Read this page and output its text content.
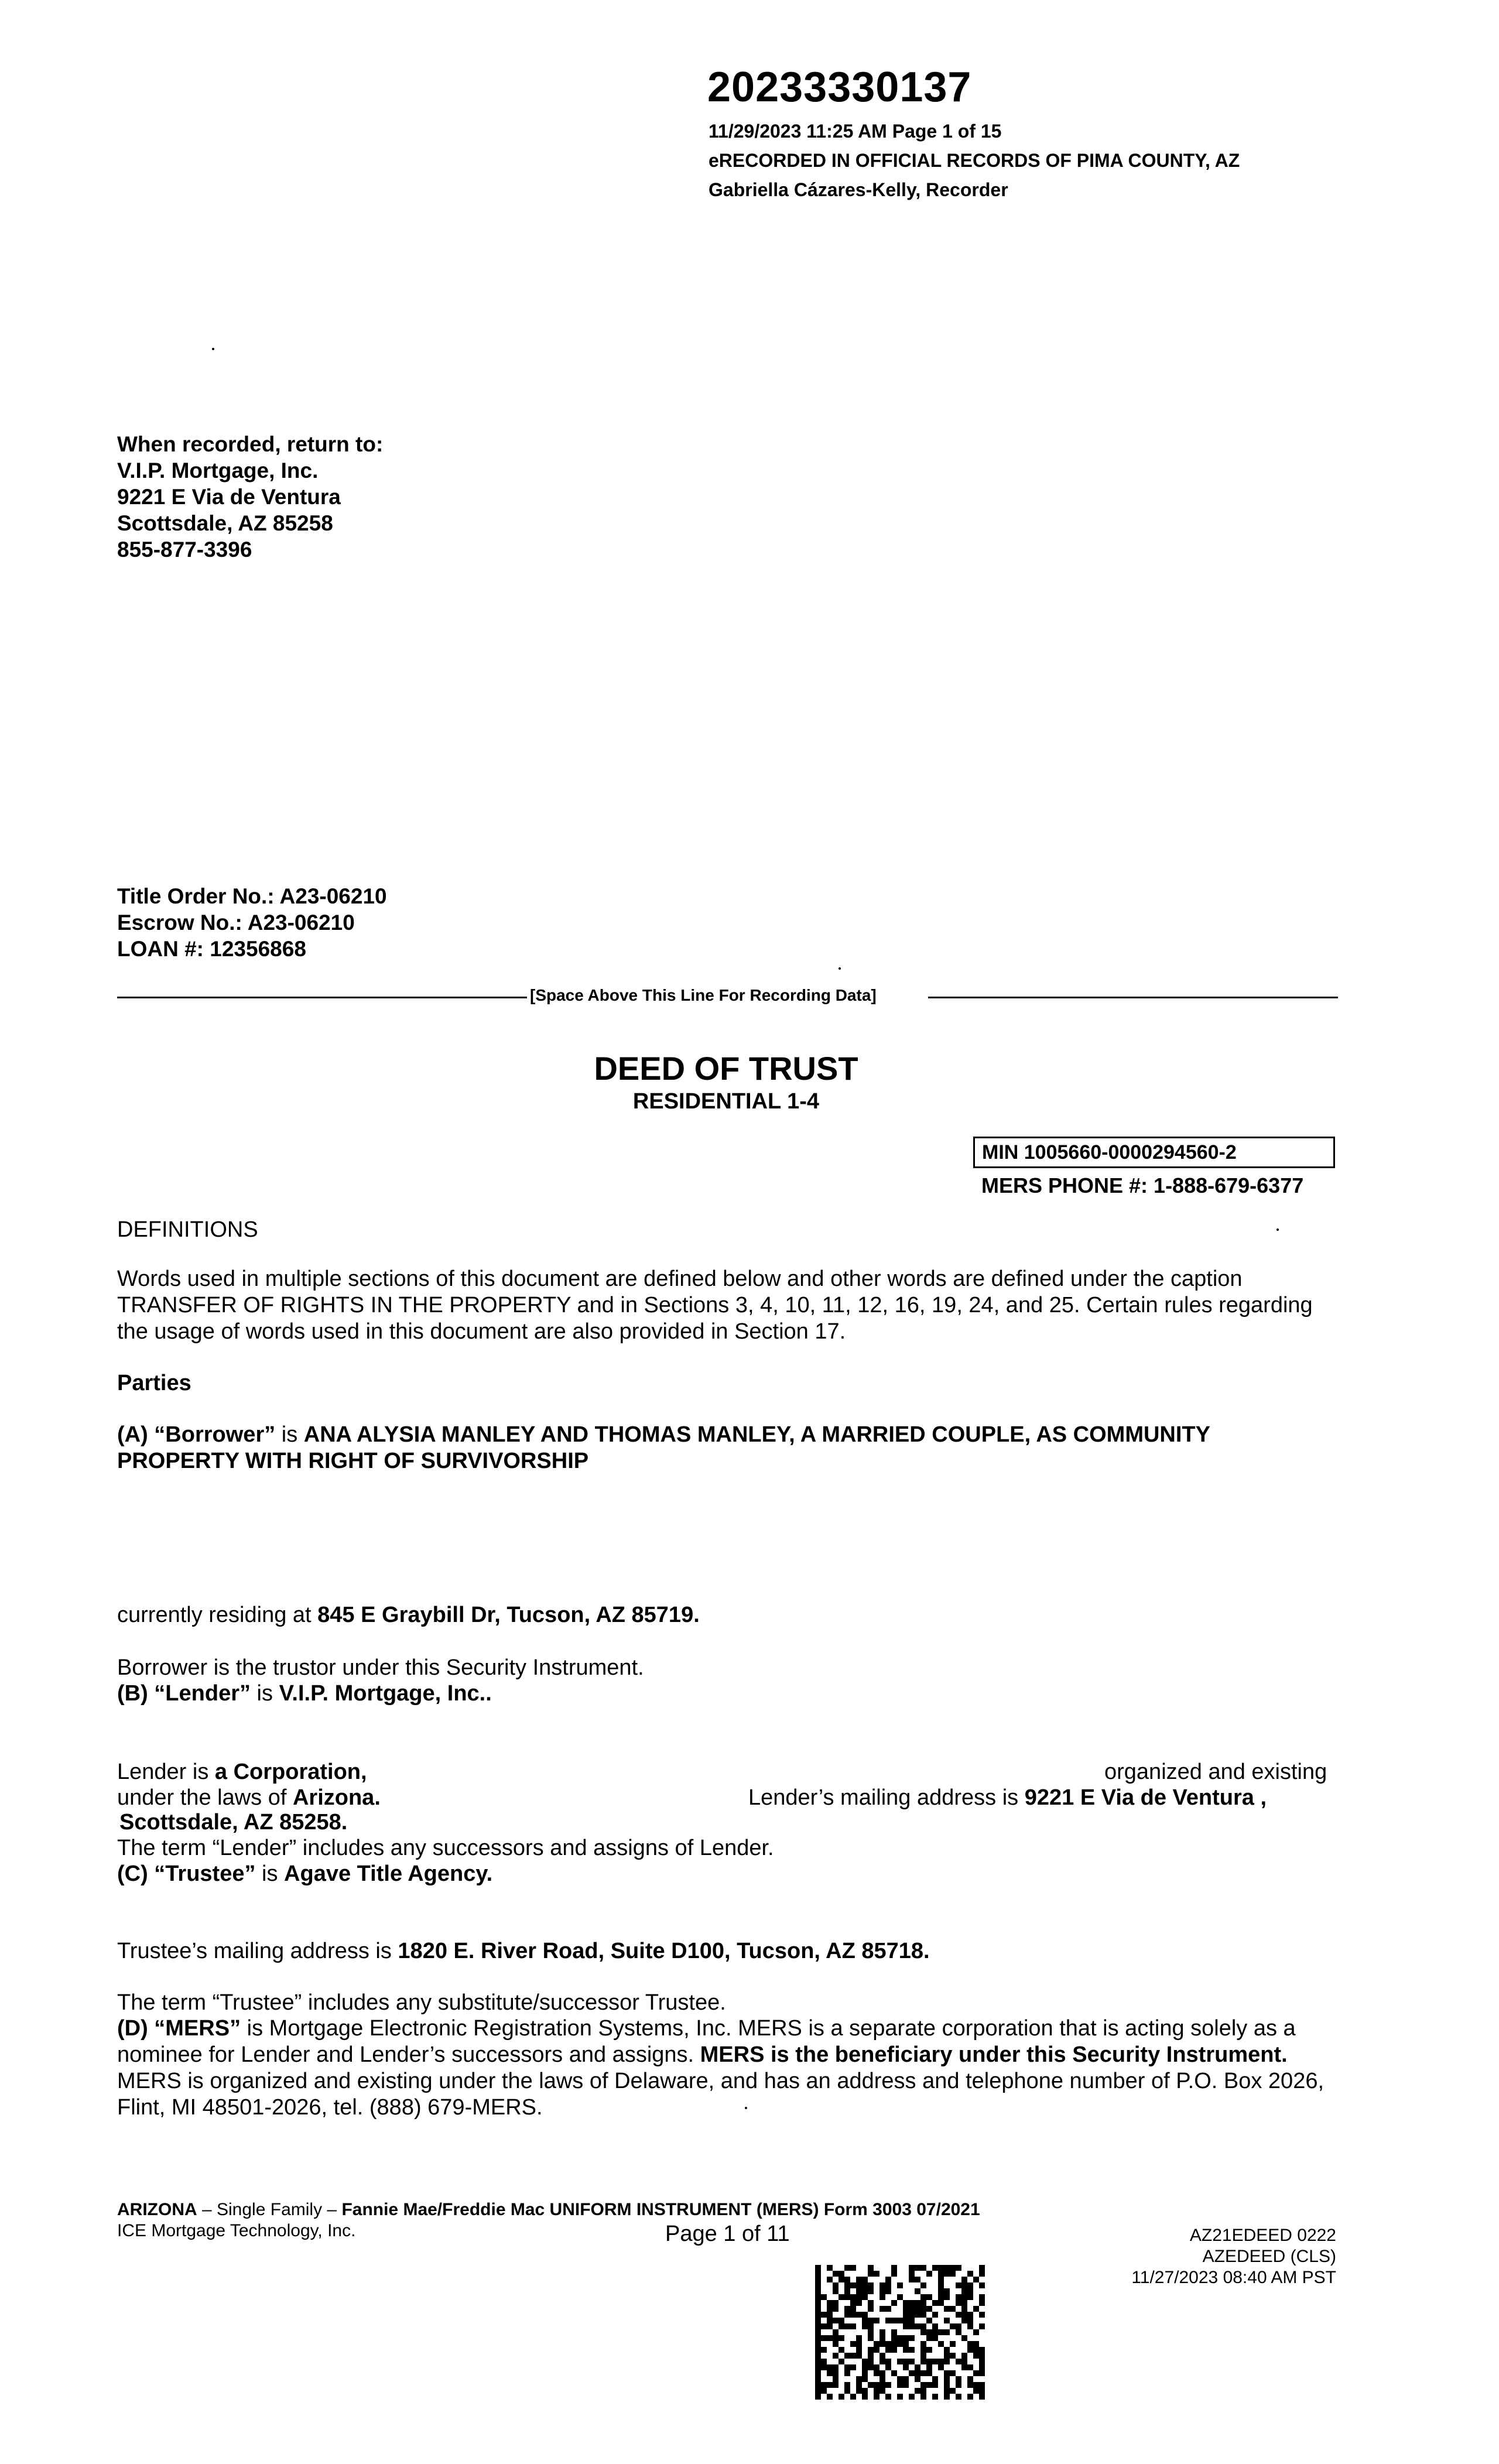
20233330137
11/29/2023 11:25 AM Page 1 of 15
eRECORDED IN OFFICIAL RECORDS OF PIMA COUNTY, AZ
Gabriella Cázares-Kelly, Recorder
When recorded, return to:
V.I.P. Mortgage, Inc.
9221 E Via de Ventura
Scottsdale, AZ 85258
855-877-3396
Title Order No.: A23-06210
Escrow No.: A23-06210
LOAN #: 12356868
[Space Above This Line For Recording Data]
DEED OF TRUST
RESIDENTIAL 1-4
MIN 1005660-0000294560-2
MERS PHONE #: 1-888-679-6377
DEFINITIONS
Words used in multiple sections of this document are defined below and other words are defined under the caption
TRANSFER OF RIGHTS IN THE PROPERTY and in Sections 3, 4, 10, 11, 12, 16, 19, 24, and 25. Certain rules regarding
the usage of words used in this document are also provided in Section 17.
Parties
(A) “Borrower” is ANA ALYSIA MANLEY AND THOMAS MANLEY, A MARRIED COUPLE, AS COMMUNITY
PROPERTY WITH RIGHT OF SURVIVORSHIP
currently residing at 845 E Graybill Dr, Tucson, AZ 85719.
Borrower is the trustor under this Security Instrument.
(B) “Lender” is V.I.P. Mortgage, Inc..
Lender is a Corporation,	organized and existing
under the laws of Arizona.	Lender’s mailing address is 9221 E Via de Ventura ,
Scottsdale, AZ 85258.
The term “Lender” includes any successors and assigns of Lender.
(C) “Trustee” is Agave Title Agency.
Trustee’s mailing address is 1820 E. River Road, Suite D100, Tucson, AZ 85718.
The term “Trustee” includes any substitute/successor Trustee.
(D) “MERS” is Mortgage Electronic Registration Systems, Inc. MERS is a separate corporation that is acting solely as a
nominee for Lender and Lender’s successors and assigns. MERS is the beneficiary under this Security Instrument.
MERS is organized and existing under the laws of Delaware, and has an address and telephone number of P.O. Box 2026,
Flint, MI 48501-2026, tel. (888) 679-MERS.
ARIZONA – Single Family – Fannie Mae/Freddie Mac UNIFORM INSTRUMENT (MERS) Form 3003 07/2021
ICE Mortgage Technology, Inc.	Page 1 of 11	AZ21EDEED 0222
AZEDEED (CLS)
11/27/2023 08:40 AM PST
